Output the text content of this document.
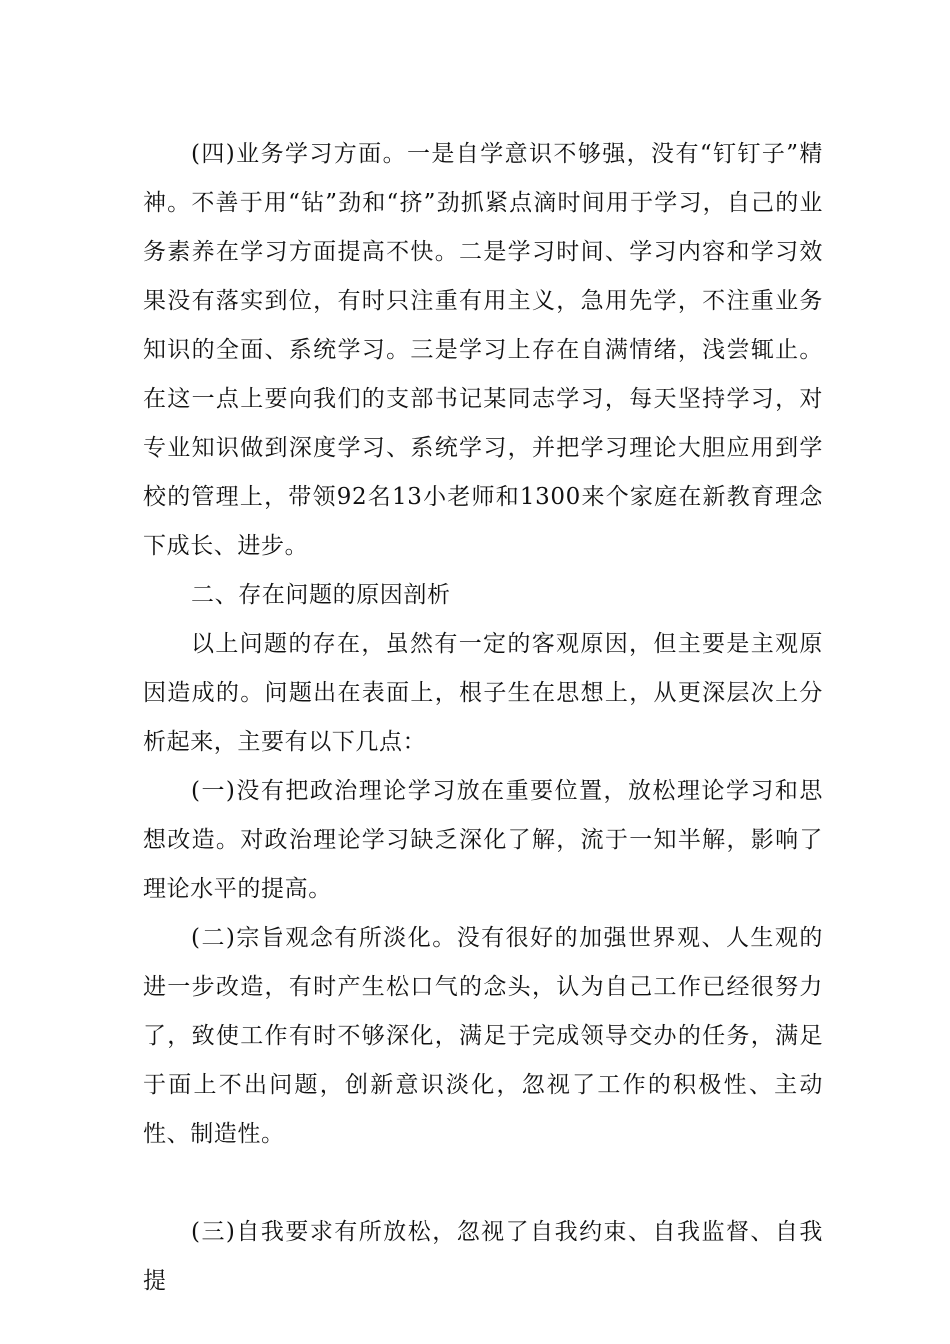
(四)业务学习方面。一是自学意识不够强，没有“钉钉子”精神。不善于用“钻”劲和“挤”劲抓紧点滴时间用于学习，自己的业务素养在学习方面提高不快。二是学习时间、学习内容和学习效果没有落实到位，有时只注重有用主义，急用先学，不注重业务知识的全面、系统学习。三是学习上存在自满情绪，浅尝辄止。在这一点上要向我们的支部书记某同志学习，每天坚持学习，对专业知识做到深度学习、系统学习，并把学习理论大胆应用到学校的管理上，带领92名13小老师和1300来个家庭在新教育理念下成长、进步。

二、存在问题的原因剖析

以上问题的存在，虽然有一定的客观原因，但主要是主观原因造成的。问题出在表面上，根子生在思想上，从更深层次上分析起来，主要有以下几点：

(一)没有把政治理论学习放在重要位置，放松理论学习和思想改造。对政治理论学习缺乏深化了解，流于一知半解，影响了理论水平的提高。

(二)宗旨观念有所淡化。没有很好的加强世界观、人生观的进一步改造，有时产生松口气的念头，认为自己工作已经很努力了，致使工作有时不够深化，满足于完成领导交办的任务，满足于面上不出问题，创新意识淡化，忽视了工作的积极性、主动性、制造性。

(三)自我要求有所放松，忽视了自我约束、自我监督、自我提
